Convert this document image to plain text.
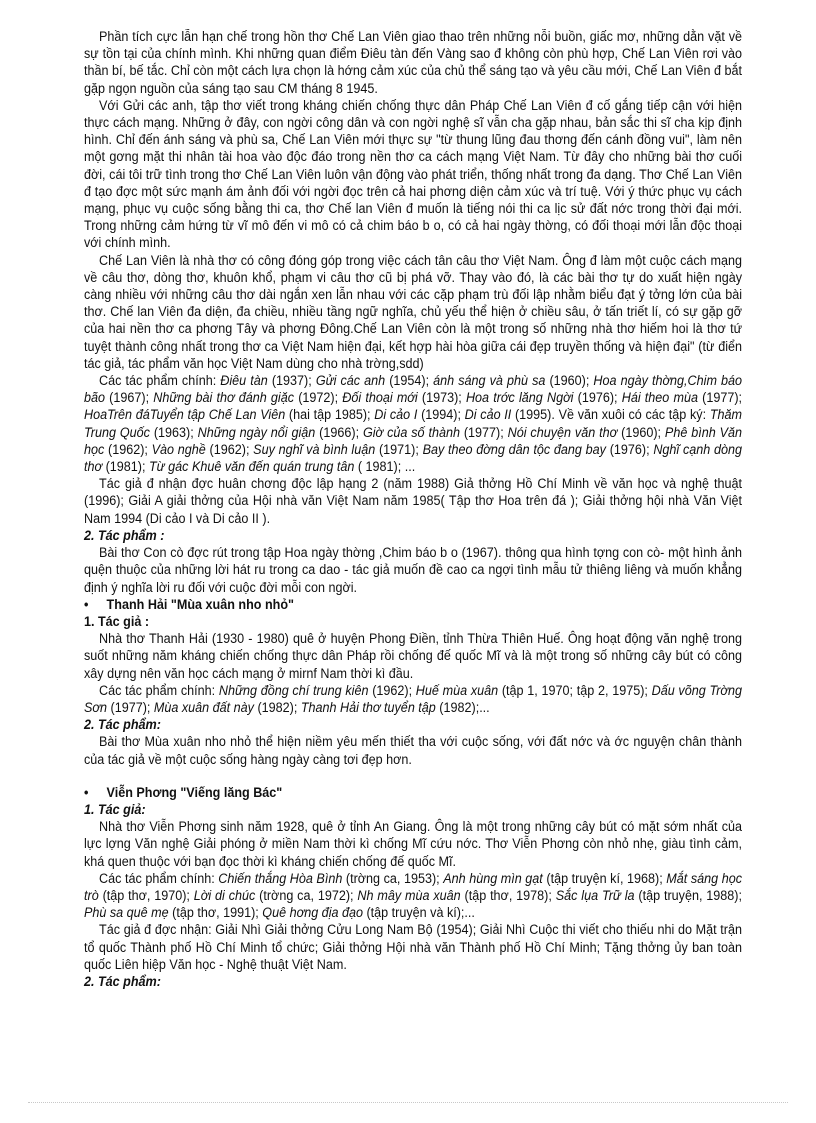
Phần tích cực lẫn hạn chế trong hồn thơ Chế Lan Viên giao thao trên những nỗi buồn, giấc mơ, những dằn vặt về sự tồn tại của chính mình. Khi những quan điểm Điêu tàn đến Vàng sao đ không còn phù hợp, Chế Lan Viên rơi vào thần bí, bế tắc. Chỉ còn một cách lựa chọn là hớng cảm xúc của chủ thể sáng tạo và yêu cầu mới, Chế Lan Viên đ bắt gặp ngọn nguồn của sáng tạo sau CM tháng 8 1945.

Với Gửi các anh, tập thơ viết trong kháng chiến chống thực dân Pháp Chế Lan Viên đ cố gắng tiếp cận với hiện thực cách mạng. Những ở đây, con ngời công dân và con ngời nghệ sĩ vẫn cha gặp nhau, bản sắc thi sĩ cha kịp định hình. Chỉ đến ánh sáng và phù sa, Chế Lan Viên mới thực sự "từ thung lũng đau thơng đến cánh đồng vui", làm nên một gơng mặt thi nhân tài hoa vào độc đáo trong nền thơ ca cách mạng Việt Nam. Từ đây cho những bài thơ cuối đời, cái tôi trữ tình trong thơ Chế Lan Viên luôn vận động vào phát triển, thống nhất trong đa dạng. Thơ Chế Lan Viên đ tạo đợc một sức mạnh ám ảnh đối với ngời đọc trên cả hai phơng diện cảm xúc và trí tuệ. Với ý thức phục vụ cách mạng, phục vụ cuộc sống bằng thi ca, thơ Chế lan Viên đ muốn là tiếng nói thi ca lịc sử đất nớc trong thời đại mới. Trong những cảm hứng từ vĩ mô đến vi mô có cả chim báo b o, có cả hai ngày thờng, có đối thoại mới lẫn độc thoại với chính mình.

Chế Lan Viên là nhà thơ có công đóng góp trong việc cách tân câu thơ Việt Nam. Ông đ làm một cuộc cách mạng về câu thơ, dòng thơ, khuôn khổ, phạm vi câu thơ cũ bị phá vỡ. Thay vào đó, là các bài thơ tự do xuất hiện ngày càng nhiều với những câu thơ dài ngắn xen lẫn nhau với các cặp phạm trù đối lập nhằm biểu đạt ý tởng lớn của bài thơ. Chế lan Viên đa diện, đa chiều, nhiều tầng ngữ nghĩa, chủ yếu thể hiện ở chiều sâu, ở tấn triết lí, có sự gặp gỡ của hai nền thơ ca phơng Tây và phơng Đông.Chế Lan Viên còn là một trong số những nhà thơ hiếm hoi là thơ tứ tuyệt thành công nhất trong thơ ca Việt Nam hiện đại, kết hợp hài hòa giữa cái đẹp truyền thống và hiện đại" (từ điển tác giả, tác phẩm văn học Việt Nam dùng cho nhà trờng,sdd)

Các tác phẩm chính: Điêu tàn (1937); Gửi các anh (1954); ánh sáng và phù sa (1960); Hoa ngày thờng,Chim báo bão (1967); Những bài thơ đánh giặc (1972); Đối thoại mới (1973); Hoa trớc lăng Ngời (1976); Hái theo mùa (1977); HoaTrên đáTuyển tập Chế Lan Viên (hai tập 1985); Di cảo I (1994); Di cảo II (1995). Về văn xuôi có các tập ký: Thăm Trung Quốc (1963); Những ngày nổi giận (1966); Giờ của số thành (1977); Nói chuyện văn thơ (1960); Phê bình Văn học (1962); Vào nghề (1962); Suy nghĩ và bình luận (1971); Bay theo đờng dân tộc đang bay (1976); Nghĩ cạnh dòng thơ (1981); Từ gác Khuê văn đến quán trung tân ( 1981); ...

Tác giả đ nhận đợc huân chơng độc lập hạng 2 (năm 1988) Giả thởng Hồ Chí Minh về văn học và nghệ thuật (1996); Giải A giải thởng của Hội nhà văn Việt Nam năm 1985( Tập thơ Hoa trên đá ); Giải thởng hội nhà Văn Việt Nam 1994 (Di cảo I và Di cảo II ).

2. Tác phẩm :

Bài thơ Con cò đợc rút trong tập Hoa ngày thờng ,Chim báo b o (1967). thông qua hình tợng con cò- một hình ảnh quện thuộc của những lời hát ru trong ca dao - tác giả muốn đề cao ca ngợi tình mẫu tử thiêng liêng và muốn khẳng định ý nghĩa lời ru đối với cuộc đời mỗi con ngời.

• Thanh Hải "Mùa xuân nho nhỏ"

1. Tác giả :

Nhà thơ Thanh Hải (1930 - 1980) quê ở huyện Phong Điền, tỉnh Thừa Thiên Huế. Ông hoạt động văn nghệ trong suốt những năm kháng chiến chống thực dân Pháp rồi chống đế quốc Mĩ và là một trong số những cây bút có công xây dựng nên văn học cách mạng ở mirnf Nam thời kì đầu.

Các tác phẩm chính: Những đồng chí trung kiên (1962); Huế mùa xuân (tập 1, 1970; tập 2, 1975); Dấu võng Trờng Sơn (1977); Mùa xuân đất này (1982); Thanh Hải thơ tuyển tập (1982);...

2. Tác phẩm:

Bài thơ Mùa xuân nho nhỏ thể hiện niềm yêu mến thiết tha với cuộc sống, với đất nớc và ớc nguyện chân thành của tác giả về một cuộc sống hàng ngày càng tơi đẹp hơn.

• Viễn Phơng "Viếng lăng Bác"

1. Tác giả:

Nhà thơ Viễn Phơng sinh năm 1928, quê ở tỉnh An Giang. Ông là một trong những cây bút có mặt sớm nhất của lực lợng Văn nghệ Giải phóng ở miền Nam thời kì chống Mĩ cứu nớc. Thơ Viễn Phơng còn nhỏ nhẹ, giàu tình cảm, khá quen thuộc với bạn đọc thời kì kháng chiến chống đế quốc Mĩ.

Các tác phẩm chính: Chiến thắng Hòa Bình (trờng ca, 1953); Anh hùng mìn gạt (tập truyện kí, 1968); Mắt sáng học trò (tập thơ, 1970); Lời di chúc (trờng ca, 1972); Nh mây mùa xuân (tập thơ, 1978); Sắc lụa Trữ la (tập truyện, 1988); Phù sa quê mẹ (tập thơ, 1991); Quê hơng địa đạo (tập truyện và kí);...

Tác giả đ đợc nhận: Giải Nhì Giải thởng Cửu Long Nam Bộ (1954); Giải Nhì Cuộc thi viết cho thiếu nhi do Mặt trận tổ quốc Thành phố Hồ Chí Minh tổ chức; Giải thởng Hội nhà văn Thành phố Hồ Chí Minh; Tặng thởng ủy ban toàn quốc Liên hiệp Văn học - Nghệ thuật Việt Nam.

2. Tác phẩm:
